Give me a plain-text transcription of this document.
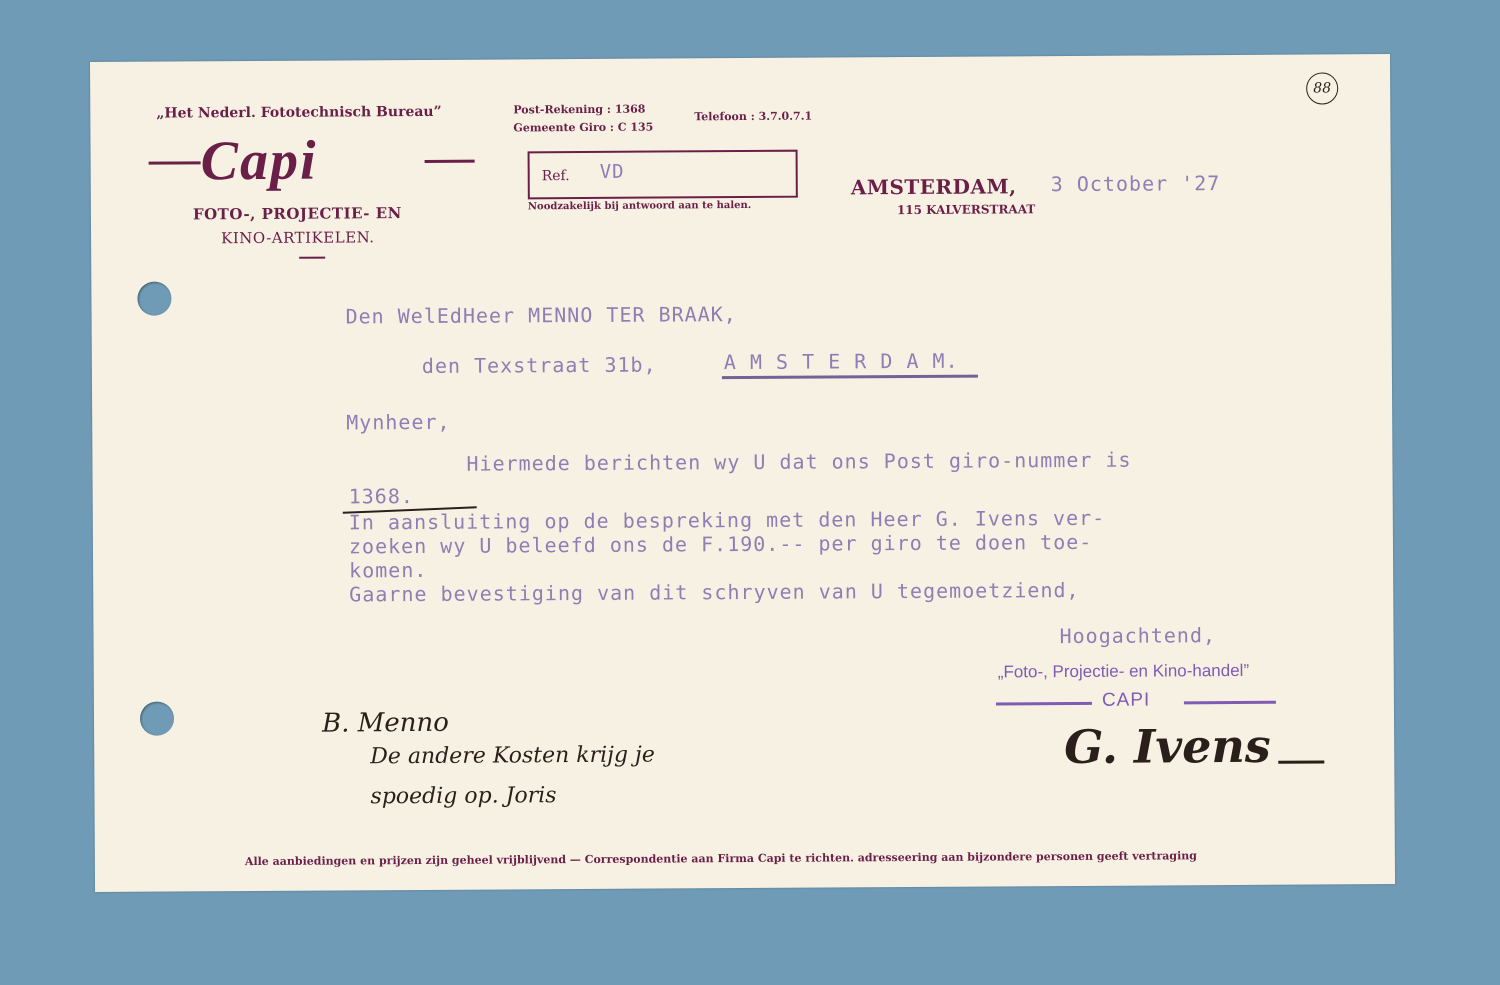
„Het Nederl. Fototechnisch Bureau”
Capi
FOTO-, PROJECTIE- EN
KINO-ARTIKELEN.
Post-Rekening : 1368
Gemeente Giro : C 135
Telefoon : 3.7.0.7.1
Ref. VD
Noodzakelijk bij antwoord aan te halen.
AMSTERDAM,
115 KALVERSTRAAT
3 October '27
88
Den WelEdHeer MENNO TER BRAAK,
den Texstraat 31b,	A M S T E R D A M.
Mynheer,
Hiermede berichten wy U dat ons Post giro-nummer is
1368.
In aansluiting op de bespreking met den Heer G. Ivens ver-
zoeken wy U beleefd ons de F.190.-- per giro te doen toe-
komen.
Gaarne bevestiging van dit schryven van U tegemoetziend,
Hoogachtend,
„Foto-, Projectie- en Kino-handel”
CAPI
G. Ivens
B. Menno
De andere Kosten krijg je
spoedig op. Joris
Alle aanbiedingen en prijzen zijn geheel vrijblijvend — Correspondentie aan Firma Capi te richten. adresseering aan bijzondere personen geeft vertraging
